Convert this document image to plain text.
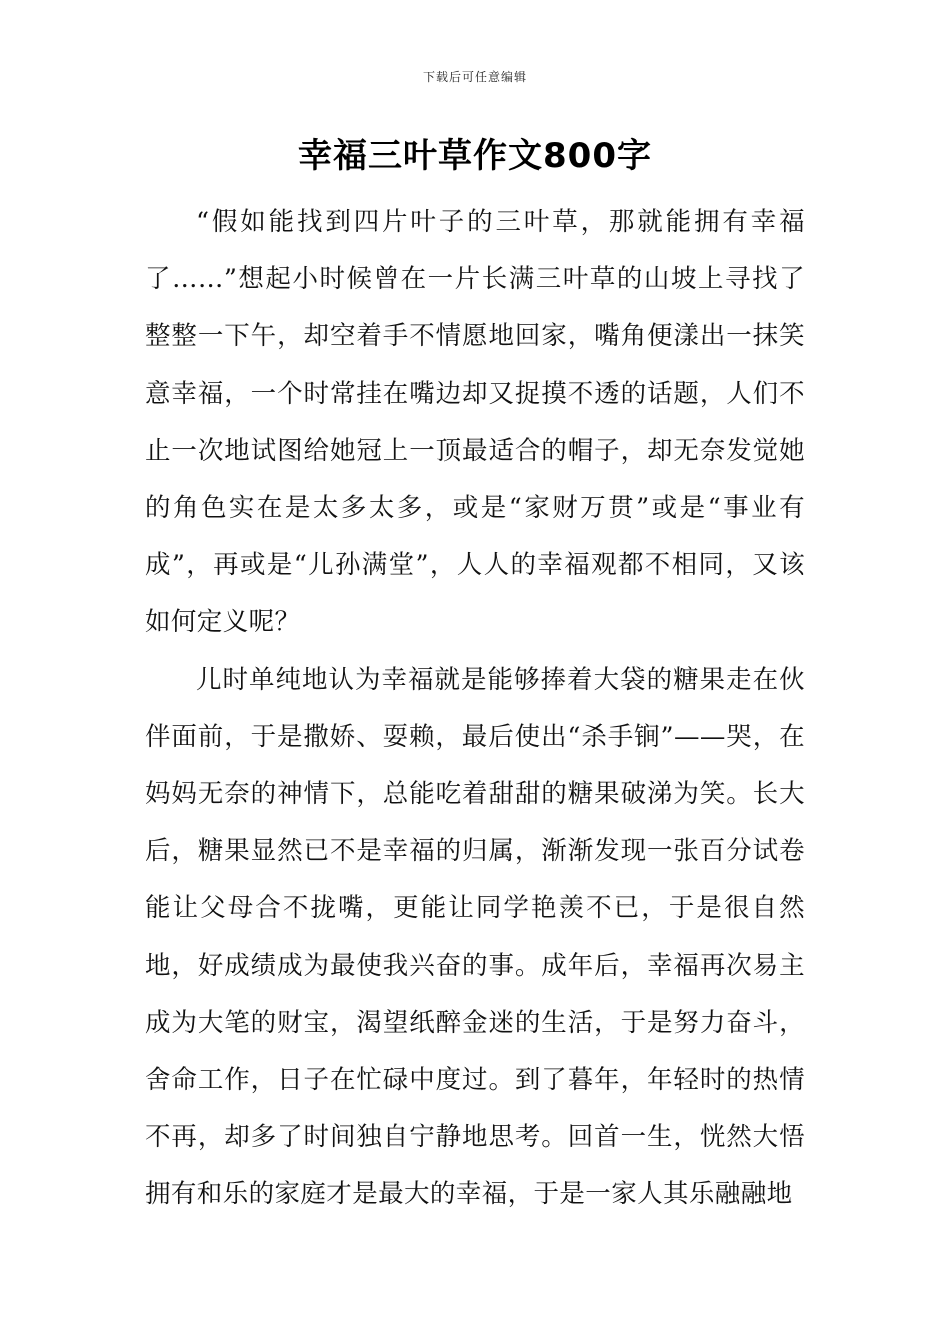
下载后可任意编辑
幸福三叶草作文800字

“假如能找到四片叶子的三叶草，那就能拥有幸福了……”想起小时候曾在一片长满三叶草的山坡上寻找了整整一下午，却空着手不情愿地回家，嘴角便漾出一抹笑意幸福，一个时常挂在嘴边却又捉摸不透的话题，人们不止一次地试图给她冠上一顶最适合的帽子，却无奈发觉她的角色实在是太多太多，或是“家财万贯”或是“事业有成”，再或是“儿孙满堂”，人人的幸福观都不相同，又该如何定义呢？

儿时单纯地认为幸福就是能够捧着大袋的糖果走在伙伴面前，于是撒娇、耍赖，最后使出“杀手锏”——哭，在妈妈无奈的神情下，总能吃着甜甜的糖果破涕为笑。长大后，糖果显然已不是幸福的归属，渐渐发现一张百分试卷能让父母合不拢嘴，更能让同学艳羡不已，于是很自然地，好成绩成为最使我兴奋的事。成年后，幸福再次易主成为大笔的财宝，渴望纸醉金迷的生活，于是努力奋斗，舍命工作，日子在忙碌中度过。到了暮年，年轻时的热情不再，却多了时间独自宁静地思考。回首一生，恍然大悟拥有和乐的家庭才是最大的幸福，于是一家人其乐融融地
